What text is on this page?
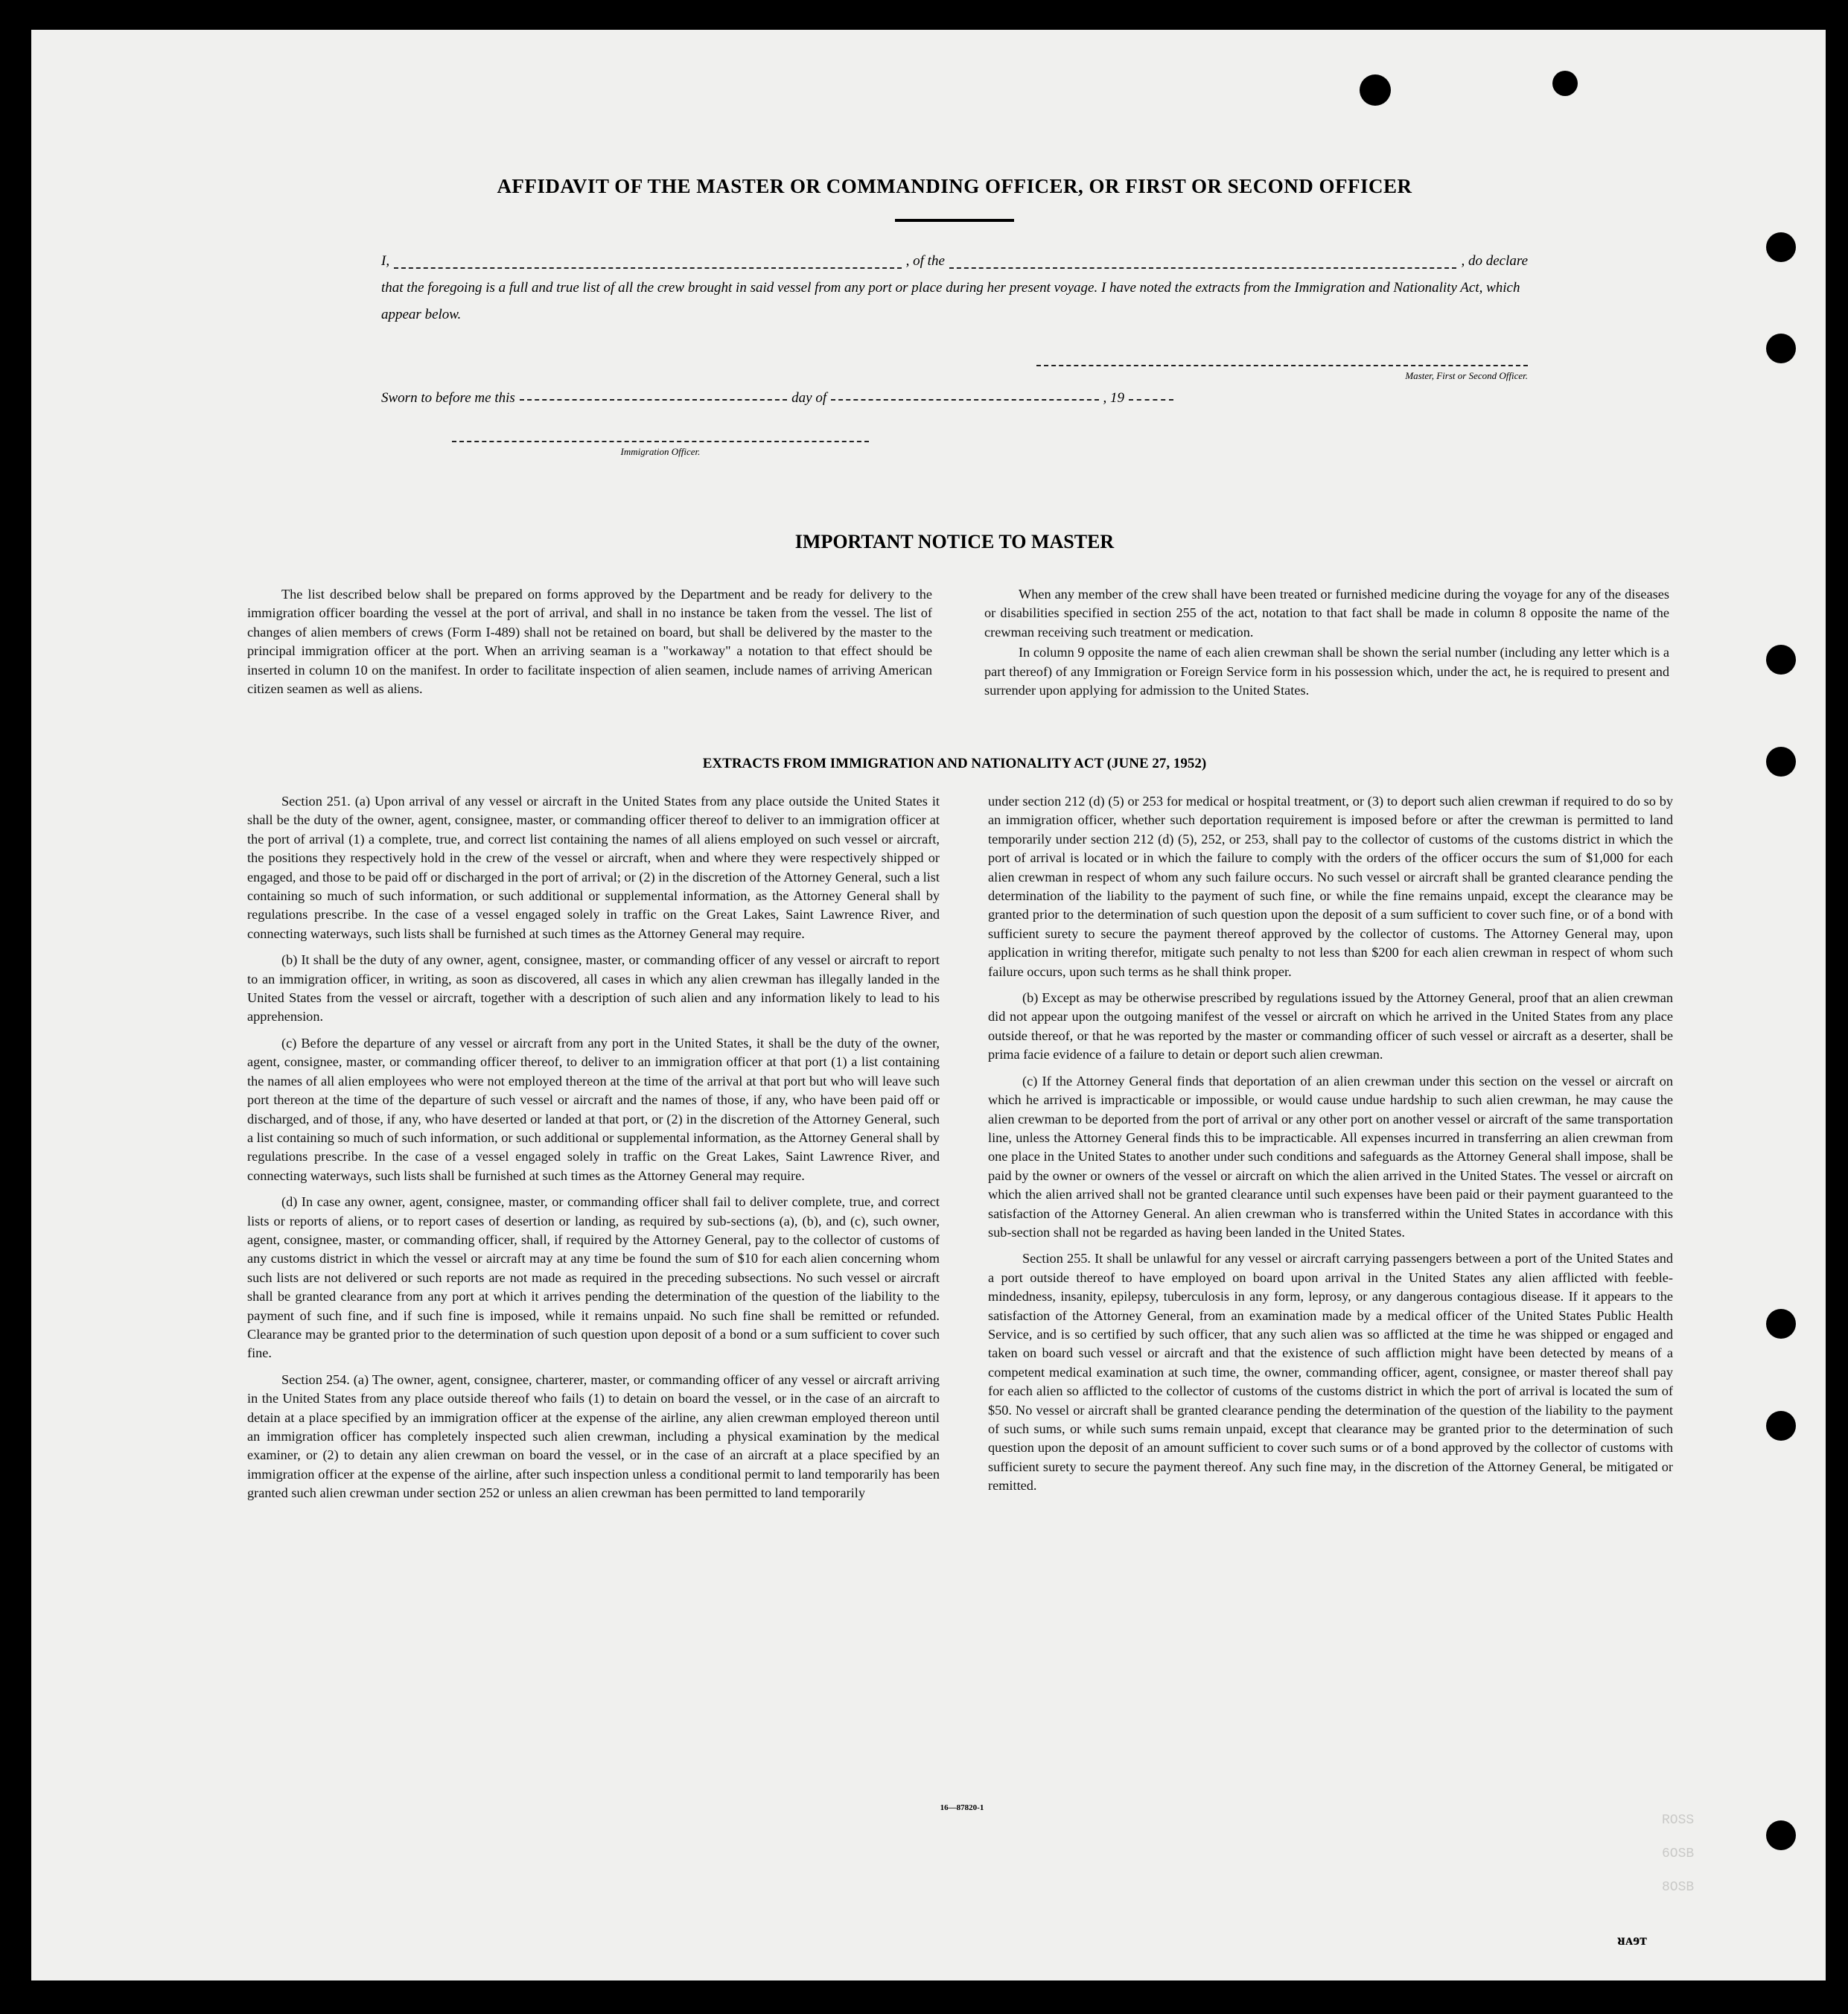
AFFIDAVIT OF THE MASTER OR COMMANDING OFFICER, OR FIRST OR SECOND OFFICER
I,	, of the	, do declare
that the foregoing is a full and true list of all the crew brought in said vessel from any port or place during her present voyage. I have noted the extracts from the Immigration and Nationality Act, which appear below.
Master, First or Second Officer.
Sworn to before me this	day of	, 19
Immigration Officer.
IMPORTANT NOTICE TO MASTER

The list described below shall be prepared on forms approved by the Department and be ready for delivery to the immigration officer boarding the vessel at the port of arrival, and shall in no instance be taken from the vessel. The list of changes of alien members of crews (Form I-489) shall not be retained on board, but shall be delivered by the master to the principal immigration officer at the port. When an arriving seaman is a "workaway" a notation to that effect should be inserted in column 10 on the manifest. In order to facilitate inspection of alien seamen, include names of arriving American citizen seamen as well as aliens.

When any member of the crew shall have been treated or furnished medicine during the voyage for any of the diseases or disabilities specified in section 255 of the act, notation to that fact shall be made in column 8 opposite the name of the crewman receiving such treatment or medication.

In column 9 opposite the name of each alien crewman shall be shown the serial number (including any letter which is a part thereof) of any Immigration or Foreign Service form in his possession which, under the act, he is required to present and surrender upon applying for admission to the United States.

EXTRACTS FROM IMMIGRATION AND NATIONALITY ACT (JUNE 27, 1952)

Section 251. (a) Upon arrival of any vessel or aircraft in the United States from any place outside the United States it shall be the duty of the owner, agent, consignee, master, or commanding officer thereof to deliver to an immigration officer at the port of arrival (1) a complete, true, and correct list containing the names of all aliens employed on such vessel or aircraft, the positions they respectively hold in the crew of the vessel or aircraft, when and where they were respectively shipped or engaged, and those to be paid off or discharged in the port of arrival; or (2) in the discretion of the Attorney General, such a list containing so much of such information, or such additional or supplemental information, as the Attorney General shall by regulations prescribe. In the case of a vessel engaged solely in traffic on the Great Lakes, Saint Lawrence River, and connecting waterways, such lists shall be furnished at such times as the Attorney General may require.

(b) It shall be the duty of any owner, agent, consignee, master, or commanding officer of any vessel or aircraft to report to an immigration officer, in writing, as soon as discovered, all cases in which any alien crewman has illegally landed in the United States from the vessel or aircraft, together with a description of such alien and any information likely to lead to his apprehension.

(c) Before the departure of any vessel or aircraft from any port in the United States, it shall be the duty of the owner, agent, consignee, master, or commanding officer thereof, to deliver to an immigration officer at that port (1) a list containing the names of all alien employees who were not employed thereon at the time of the arrival at that port but who will leave such port thereon at the time of the departure of such vessel or aircraft and the names of those, if any, who have been paid off or discharged, and of those, if any, who have deserted or landed at that port, or (2) in the discretion of the Attorney General, such a list containing so much of such information, or such additional or supplemental information, as the Attorney General shall by regulations prescribe. In the case of a vessel engaged solely in traffic on the Great Lakes, Saint Lawrence River, and connecting waterways, such lists shall be furnished at such times as the Attorney General may require.

(d) In case any owner, agent, consignee, master, or commanding officer shall fail to deliver complete, true, and correct lists or reports of aliens, or to report cases of desertion or landing, as required by sub-sections (a), (b), and (c), such owner, agent, consignee, master, or commanding officer, shall, if required by the Attorney General, pay to the collector of customs of any customs district in which the vessel or aircraft may at any time be found the sum of $10 for each alien concerning whom such lists are not delivered or such reports are not made as required in the preceding subsections. No such vessel or aircraft shall be granted clearance from any port at which it arrives pending the determination of the question of the liability to the payment of such fine, and if such fine is imposed, while it remains unpaid. No such fine shall be remitted or refunded. Clearance may be granted prior to the determination of such question upon deposit of a bond or a sum sufficient to cover such fine.

Section 254. (a) The owner, agent, consignee, charterer, master, or commanding officer of any vessel or aircraft arriving in the United States from any place outside thereof who fails (1) to detain on board the vessel, or in the case of an aircraft to detain at a place specified by an immigration officer at the expense of the airline, any alien crewman employed thereon until an immigration officer has completely inspected such alien crewman, including a physical examination by the medical examiner, or (2) to detain any alien crewman on board the vessel, or in the case of an aircraft at a place specified by an immigration officer at the expense of the airline, after such inspection unless a conditional permit to land temporarily has been granted such alien crewman under section 252 or unless an alien crewman has been permitted to land temporarily

under section 212 (d) (5) or 253 for medical or hospital treatment, or (3) to deport such alien crewman if required to do so by an immigration officer, whether such deportation requirement is imposed before or after the crewman is permitted to land temporarily under section 212 (d) (5), 252, or 253, shall pay to the collector of customs of the customs district in which the port of arrival is located or in which the failure to comply with the orders of the officer occurs the sum of $1,000 for each alien crewman in respect of whom any such failure occurs. No such vessel or aircraft shall be granted clearance pending the determination of the liability to the payment of such fine, or while the fine remains unpaid, except the clearance may be granted prior to the determination of such question upon the deposit of a sum sufficient to cover such fine, or of a bond with sufficient surety to secure the payment thereof approved by the collector of customs. The Attorney General may, upon application in writing therefor, mitigate such penalty to not less than $200 for each alien crewman in respect of whom such failure occurs, upon such terms as he shall think proper.

(b) Except as may be otherwise prescribed by regulations issued by the Attorney General, proof that an alien crewman did not appear upon the outgoing manifest of the vessel or aircraft on which he arrived in the United States from any place outside thereof, or that he was reported by the master or commanding officer of such vessel or aircraft as a deserter, shall be prima facie evidence of a failure to detain or deport such alien crewman.

(c) If the Attorney General finds that deportation of an alien crewman under this section on the vessel or aircraft on which he arrived is impracticable or impossible, or would cause undue hardship to such alien crewman, he may cause the alien crewman to be deported from the port of arrival or any other port on another vessel or aircraft of the same transportation line, unless the Attorney General finds this to be impracticable. All expenses incurred in transferring an alien crewman from one place in the United States to another under such conditions and safeguards as the Attorney General shall impose, shall be paid by the owner or owners of the vessel or aircraft on which the alien arrived in the United States. The vessel or aircraft on which the alien arrived shall not be granted clearance until such expenses have been paid or their payment guaranteed to the satisfaction of the Attorney General. An alien crewman who is transferred within the United States in accordance with this sub-section shall not be regarded as having been landed in the United States.

Section 255. It shall be unlawful for any vessel or aircraft carrying passengers between a port of the United States and a port outside thereof to have employed on board upon arrival in the United States any alien afflicted with feeble-mindedness, insanity, epilepsy, tuberculosis in any form, leprosy, or any dangerous contagious disease. If it appears to the satisfaction of the Attorney General, from an examination made by a medical officer of the United States Public Health Service, and is so certified by such officer, that any such alien was so afflicted at the time he was shipped or engaged and taken on board such vessel or aircraft and that the existence of such affliction might have been detected by means of a competent medical examination at such time, the owner, commanding officer, agent, consignee, or master thereof shall pay for each alien so afflicted to the collector of customs of the customs district in which the port of arrival is located the sum of $50. No vessel or aircraft shall be granted clearance pending the determination of the question of the liability to the payment of such sums, or while such sums remain unpaid, except that clearance may be granted prior to the determination of such question upon the deposit of an amount sufficient to cover such sums or of a bond approved by the collector of customs with sufficient surety to secure the payment thereof. Any such fine may, in the discretion of the Attorney General, be mitigated or remitted.

16—87820-1
ROSS
6OSB
8OSB
ᴚᴀɘᴛ
